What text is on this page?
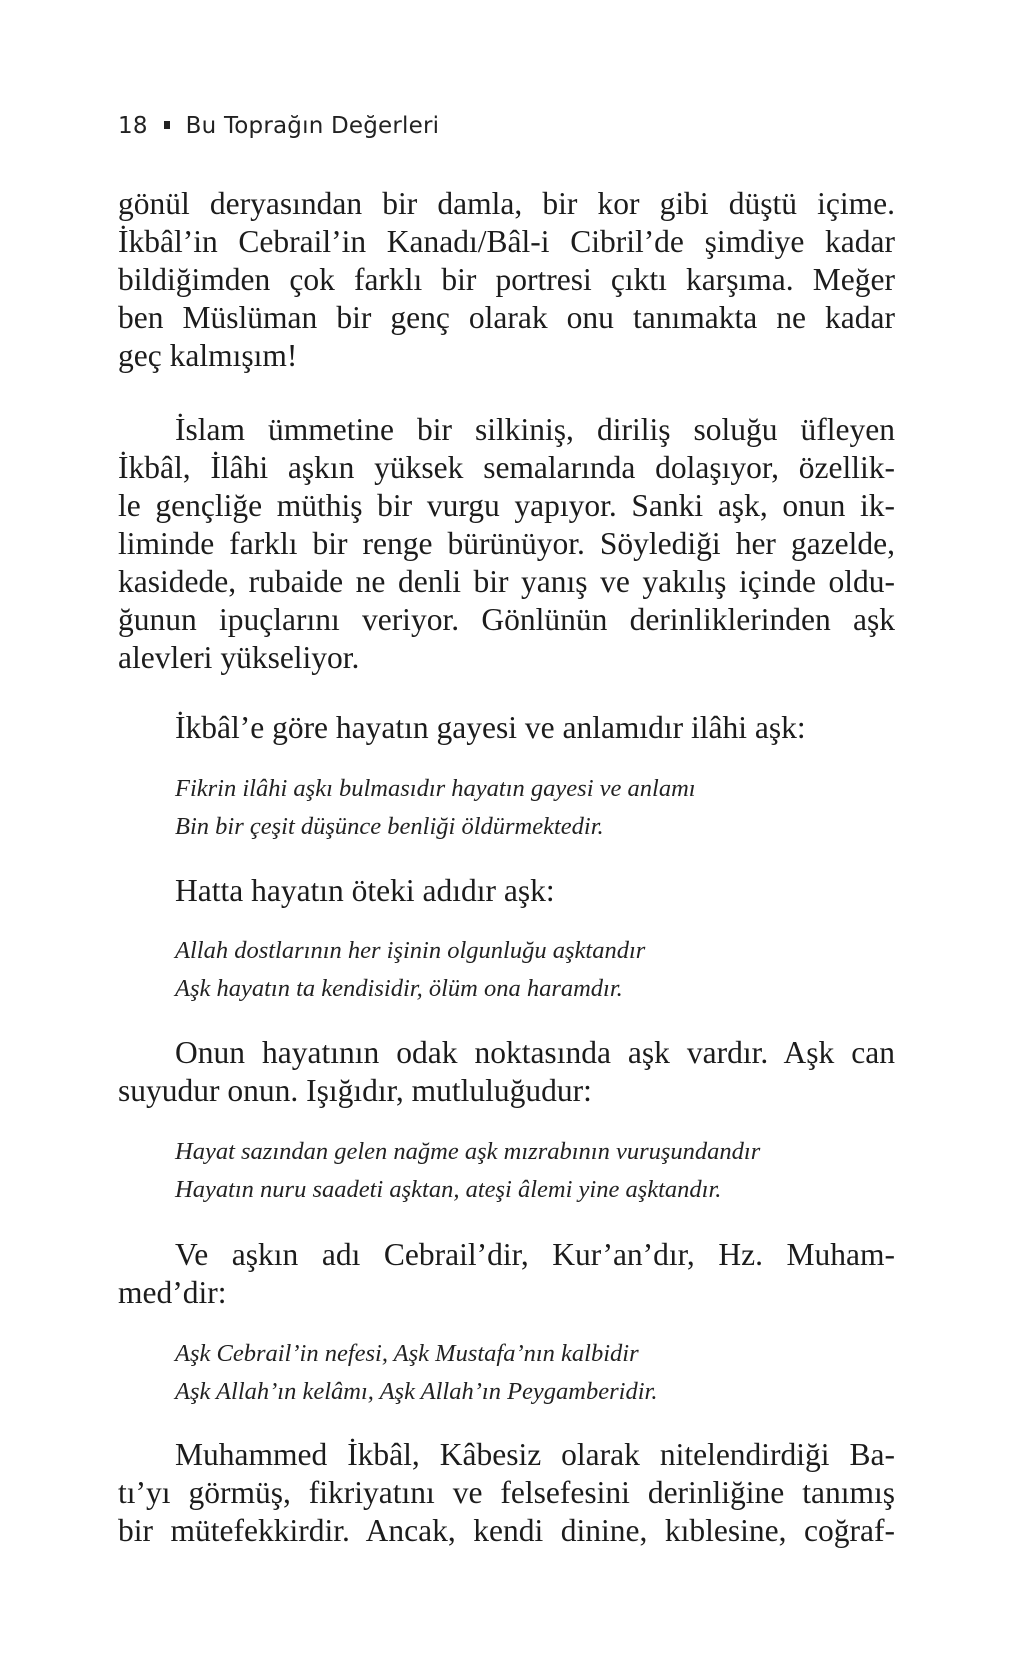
18 Bu Toprağın Değerleri
gönül deryasından bir damla, bir kor gibi düştü içime.
İkbâl’in Cebrail’in Kanadı/Bâl-i Cibril’de şimdiye kadar
bildiğimden çok farklı bir portresi çıktı karşıma. Meğer
ben Müslüman bir genç olarak onu tanımakta ne kadar
geç kalmışım!
İslam ümmetine bir silkiniş, diriliş soluğu üfleyen
İkbâl, İlâhi aşkın yüksek semalarında dolaşıyor, özellik-
le gençliğe müthiş bir vurgu yapıyor. Sanki aşk, onun ik-
liminde farklı bir renge bürünüyor. Söylediği her gazelde,
kasidede, rubaide ne denli bir yanış ve yakılış içinde oldu-
ğunun ipuçlarını veriyor. Gönlünün derinliklerinden aşk
alevleri yükseliyor.
İkbâl’e göre hayatın gayesi ve anlamıdır ilâhi aşk:
Fikrin ilâhi aşkı bulmasıdır hayatın gayesi ve anlamı
Bin bir çeşit düşünce benliği öldürmektedir.
Hatta hayatın öteki adıdır aşk:
Allah dostlarının her işinin olgunluğu aşktandır
Aşk hayatın ta kendisidir, ölüm ona haramdır.
Onun hayatının odak noktasında aşk vardır. Aşk can
suyudur onun. Işığıdır, mutluluğudur:
Hayat sazından gelen nağme aşk mızrabının vuruşundandır
Hayatın nuru saadeti aşktan, ateşi âlemi yine aşktandır.
Ve aşkın adı Cebrail’dir, Kur’an’dır, Hz. Muham-
med’dir:
Aşk Cebrail’in nefesi, Aşk Mustafa’nın kalbidir
Aşk Allah’ın kelâmı, Aşk Allah’ın Peygamberidir.
Muhammed İkbâl, Kâbesiz olarak nitelendirdiği Ba-
tı’yı görmüş, fikriyatını ve felsefesini derinliğine tanımış
bir mütefekkirdir. Ancak, kendi dinine, kıblesine, coğraf-
